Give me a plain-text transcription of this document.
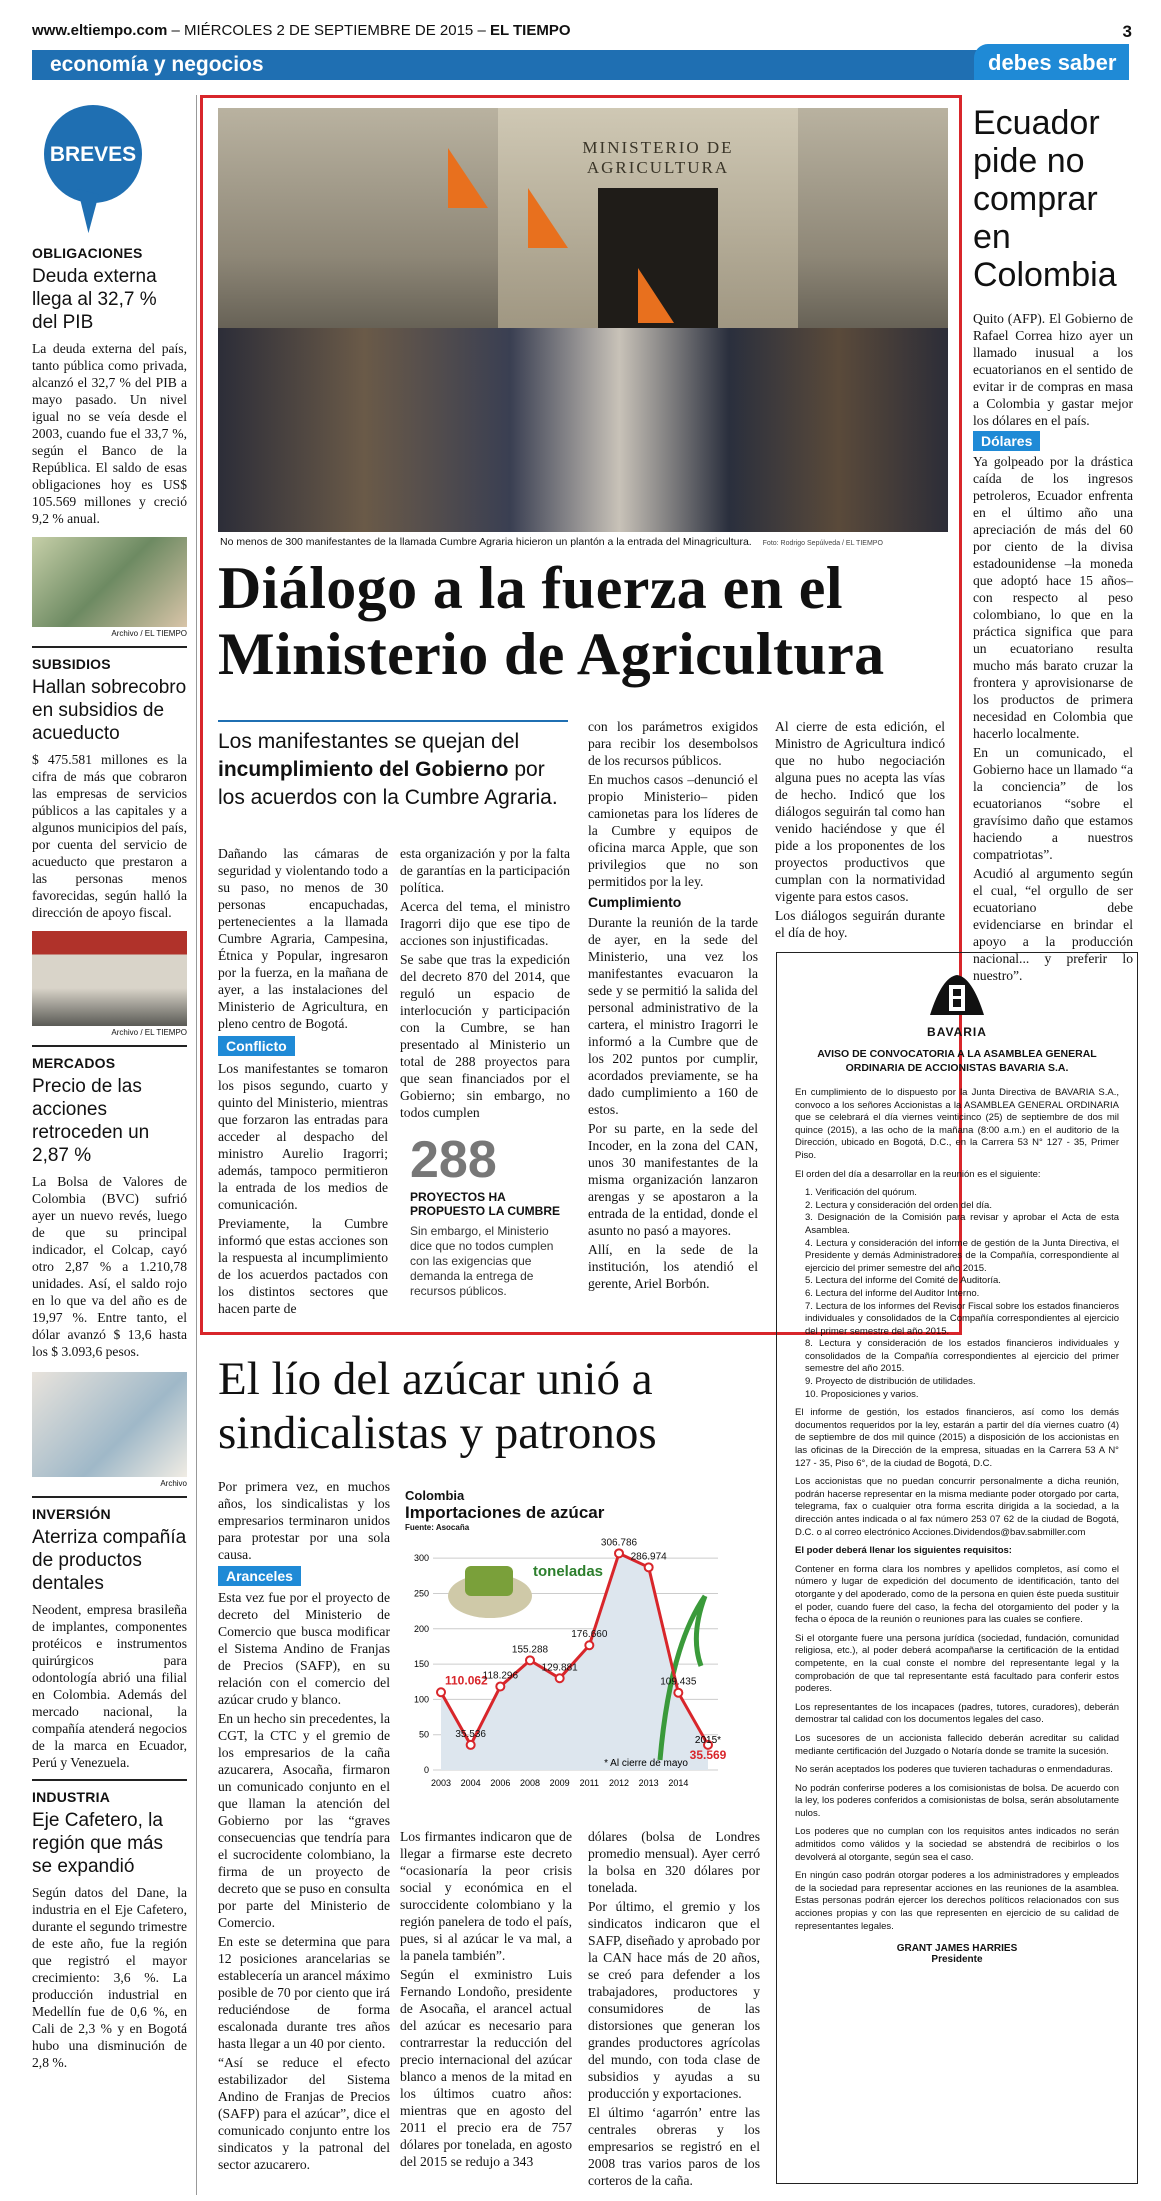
www.eltiempo.com – MIÉRCOLES 2 DE SEPTIEMBRE DE 2015 – EL TIEMPO	3
economía y negocios	debes saber
BREVES
OBLIGACIONES
Deuda externa llega al 32,7 % del PIB

La deuda externa del país, tanto pública como privada, alcanzó el 32,7 % del PIB a mayo pasado. Un nivel igual no se veía desde el 2003, cuando fue el 33,7 %, según el Banco de la República. El saldo de esas obligaciones hoy es US$ 105.569 millones y creció 9,2 % anual.

Archivo / EL TIEMPO
SUBSIDIOS
Hallan sobrecobro en subsidios de acueducto

$ 475.581 millones es la cifra de más que cobraron las empresas de servicios públicos a las capitales y a algunos municipios del país, por cuenta del servicio de acueducto que prestaron a las personas menos favorecidas, según halló la dirección de apoyo fiscal.

Archivo / EL TIEMPO
MERCADOS
Precio de las acciones retroceden un 2,87 %

La Bolsa de Valores de Colombia (BVC) sufrió ayer un nuevo revés, luego de que su principal indicador, el Colcap, cayó otro 2,87 % a 1.210,78 unidades. Así, el saldo rojo en lo que va del año es de 19,97 %. Entre tanto, el dólar avanzó $ 13,6 hasta los $ 3.093,6 pesos.

Archivo
INVERSIÓN
Aterriza compañía de productos dentales

Neodent, empresa brasileña de implantes, componentes protéicos e instrumentos quirúrgicos para odontología abrió una filial en Colombia. Además del mercado nacional, la compañía atenderá negocios de la marca en Ecuador, Perú y Venezuela.

INDUSTRIA
Eje Cafetero, la región que más se expandió

Según datos del Dane, la industria en el Eje Cafetero, durante el segundo trimestre de este año, fue la región que registró el mayor crecimiento: 3,6 %. La producción industrial en Medellín fue de 0,6 %, en Cali de 2,3 % y en Bogotá hubo una disminución de 2,8 %.

MINISTERIO DE AGRICULTURA
No menos de 300 manifestantes de la llamada Cumbre Agraria hicieron un plantón a la entrada del Minagricultura. Foto: Rodrigo Sepúlveda / EL TIEMPO
Diálogo a la fuerza en el
Ministerio de Agricultura
Los manifestantes se quejan del
incumplimiento del Gobierno por los acuerdos con la Cumbre Agraria.

Dañando las cámaras de seguridad y violentando todo a su paso, no menos de 30 personas encapuchadas, pertenecientes a la llamada Cumbre Agraria, Campesina, Étnica y Popular, ingresaron por la fuerza, en la mañana de ayer, a las instalaciones del Ministerio de Agricultura, en pleno centro de Bogotá.

Conflicto

Los manifestantes se tomaron los pisos segundo, cuarto y quinto del Ministerio, mientras que forzaron las entradas para acceder al despacho del ministro Aurelio Iragorri; además, tampoco permitieron la entrada de los medios de comunicación.

Previamente, la Cumbre informó que estas acciones son la respuesta al incumplimiento de los acuerdos pactados con los distintos sectores que hacen parte de

esta organización y por la falta de garantías en la participación política.

Acerca del tema, el ministro Iragorri dijo que ese tipo de acciones son injustificadas.

Se sabe que tras la expedición del decreto 870 del 2014, que reguló un espacio de interlocución y participación con la Cumbre, se han presentado al Ministerio un total de 288 proyectos para que sean financiados por el Gobierno; sin embargo, no todos cumplen

288
PROYECTOS HA PROPUESTO LA CUMBRE
Sin embargo, el Ministerio dice que no todos cumplen con las exigencias que demanda la entrega de recursos públicos.

con los parámetros exigidos para recibir los desembolsos de los recursos públicos.

En muchos casos –denunció el propio Ministerio– piden camionetas para los líderes de la Cumbre y equipos de oficina marca Apple, que son privilegios que no son permitidos por la ley.

Cumplimiento

Durante la reunión de la tarde de ayer, en la sede del Ministerio, una vez los manifestantes evacuaron la sede y se permitió la salida del personal administrativo de la cartera, el ministro Iragorri le informó a la Cumbre que de los 202 puntos por cumplir, acordados previamente, se ha dado cumplimiento a 160 de estos.

Por su parte, en la sede del Incoder, en la zona del CAN, unos 30 manifestantes de la misma organización lanzaron arengas y se apostaron a la entrada de la entidad, donde el asunto no pasó a mayores.

Allí, en la sede de la institución, los atendió el gerente, Ariel Borbón.

Al cierre de esta edición, el Ministro de Agricultura indicó que no hubo negociación alguna pues no acepta las vías de hecho. Indicó que los diálogos seguirán tal como han venido haciéndose y que él pide a los proponentes de los proyectos productivos que cumplan con la normatividad vigente para estos casos.

Los diálogos seguirán durante el día de hoy.

Ecuador pide no comprar en Colombia

Quito (AFP). El Gobierno de Rafael Correa hizo ayer un llamado inusual a los ecuatorianos en el sentido de evitar ir de compras en masa a Colombia y gastar mejor los dólares en el país.

Dólares

Ya golpeado por la drástica caída de los ingresos petroleros, Ecuador enfrenta en el último año una apreciación de más del 60 por ciento de la divisa estadounidense –la moneda que adoptó hace 15 años– con respecto al peso colombiano, lo que en la práctica significa que para un ecuatoriano resulta mucho más barato cruzar la frontera y aprovisionarse de los productos de primera necesidad en Colombia que hacerlo localmente.

En un comunicado, el Gobierno hace un llamado “a la conciencia” de los ecuatorianos “sobre el gravísimo daño que estamos haciendo a nuestros compatriotas”.

Acudió al argumento según el cual, “el orgullo de ser ecuatoriano debe evidenciarse en brindar el apoyo a la producción nacional... y preferir lo nuestro”.

El lío del azúcar unió a
sindicalistas y patronos

Por primera vez, en muchos años, los sindicalistas y los empresarios terminaron unidos para protestar por una sola causa.

Aranceles

Esta vez fue por el proyecto de decreto del Ministerio de Comercio que busca modificar el Sistema Andino de Franjas de Precios (SAFP), en su relación con el comercio del azúcar crudo y blanco.

En un hecho sin precedentes, la CGT, la CTC y el gremio de los empresarios de la caña azucarera, Asocaña, firmaron un comunicado conjunto en el que llaman la atención del Gobierno por las “graves consecuencias que tendría para el sucrocidente colombiano, la firma de un proyecto de decreto que se puso en consulta por parte del Ministerio de Comercio.

En este se determina que para 12 posiciones arancelarias se establecería un arancel máximo posible de 70 por ciento que irá reduciéndose de forma escalonada durante tres años hasta llegar a un 40 por ciento.

“Así se reduce el efecto estabilizador del Sistema Andino de Franjas de Precios (SAFP) para el azúcar”, dice el comunicado conjunto entre los sindicatos y la patronal del sector azucarero.

Colombia
Importaciones de azúcar
Fuente: Asocaña
0
50
100
150
200
250
300
toneladas
110.062
35.536
118.296
155.288
129.881
176.660
306.786
286.974
109.435
35.569
2003 2004 2006 2008 2009 2011 2012 2013 2014
2015*
* Al cierre de mayo

Los firmantes indicaron que de llegar a firmarse este decreto “ocasionaría la peor crisis social y económica en el suroccidente colombiano y la región panelera de todo el país, pues, si al azúcar le va mal, a la panela también”.

Según el exministro Luis Fernando Londoño, presidente de Asocaña, el arancel actual del azúcar es necesario para contrarrestar la reducción del precio internacional del azúcar blanco a menos de la mitad en los últimos cuatro años: mientras que en agosto del 2011 el precio era de 757 dólares por tonelada, en agosto del 2015 se redujo a 343

dólares (bolsa de Londres promedio mensual). Ayer cerró la bolsa en 320 dólares por tonelada.

Por último, el gremio y los sindicatos indicaron que el SAFP, diseñado y aprobado por la CAN hace más de 20 años, se creó para defender a los trabajadores, productores y consumidores de las distorsiones que generan los grandes productores agrícolas del mundo, con toda clase de subsidios y ayudas a su producción y exportaciones.

El último ‘agarrón’ entre las centrales obreras y los empresarios se registró en el 2008 tras varios paros de los corteros de la caña.

BAVARIA
AVISO DE CONVOCATORIA A LA ASAMBLEA GENERAL ORDINARIA DE ACCIONISTAS BAVARIA S.A.

En cumplimiento de lo dispuesto por la Junta Directiva de BAVARIA S.A., convoco a los señores Accionistas a la ASAMBLEA GENERAL ORDINARIA que se celebrará el día viernes veinticinco (25) de septiembre de dos mil quince (2015), a las ocho de la mañana (8:00 a.m.) en el auditorio de la Dirección, ubicado en Bogotá, D.C., en la Carrera 53 N° 127 - 35, Primer Piso.

El orden del día a desarrollar en la reunión es el siguiente:

1. Verificación del quórum.
2. Lectura y consideración del orden del día.
3. Designación de la Comisión para revisar y aprobar el Acta de esta Asamblea.
4. Lectura y consideración del informe de gestión de la Junta Directiva, el Presidente y demás Administradores de la Compañía, correspondiente al ejercicio del primer semestre del año 2015.
5. Lectura del informe del Comité de Auditoría.
6. Lectura del informe del Auditor Interno.
7. Lectura de los informes del Revisor Fiscal sobre los estados financieros individuales y consolidados de la Compañía correspondientes al ejercicio del primer semestre del año 2015.
8. Lectura y consideración de los estados financieros individuales y consolidados de la Compañía correspondientes al ejercicio del primer semestre del año 2015.
9. Proyecto de distribución de utilidades.
10. Proposiciones y varios.

El informe de gestión, los estados financieros, así como los demás documentos requeridos por la ley, estarán a partir del día viernes cuatro (4) de septiembre de dos mil quince (2015) a disposición de los accionistas en las oficinas de la Dirección de la empresa, situadas en la Carrera 53 A N° 127 - 35, Piso 6°, de la ciudad de Bogotá, D.C.

Los accionistas que no puedan concurrir personalmente a dicha reunión, podrán hacerse representar en la misma mediante poder otorgado por carta, telegrama, fax o cualquier otra forma escrita dirigida a la sociedad, a la dirección antes indicada o al fax número 253 07 62 de la ciudad de Bogotá, D.C. o al correo electrónico Acciones.Dividendos@bav.sabmiller.com

El poder deberá llenar los siguientes requisitos:

Contener en forma clara los nombres y apellidos completos, así como el número y lugar de expedición del documento de identificación, tanto del otorgante y del apoderado, como de la persona en quien éste pueda sustituir el poder, cuando fuere del caso, la fecha del otorgamiento del poder y la fecha o época de la reunión o reuniones para las cuales se confiere.

Si el otorgante fuere una persona jurídica (sociedad, fundación, comunidad religiosa, etc.), al poder deberá acompañarse la certificación de la entidad competente, en la cual conste el nombre del representante legal y la comprobación de que tal representante está facultado para conferir estos poderes.

Los representantes de los incapaces (padres, tutores, curadores), deberán demostrar tal calidad con los documentos legales del caso.

Los sucesores de un accionista fallecido deberán acreditar su calidad mediante certificación del Juzgado o Notaría donde se tramite la sucesión.

No serán aceptados los poderes que tuvieren tachaduras o enmendaduras.

No podrán conferirse poderes a los comisionistas de bolsa. De acuerdo con la ley, los poderes conferidos a comisionistas de bolsa, serán absolutamente nulos.

Los poderes que no cumplan con los requisitos antes indicados no serán admitidos como válidos y la sociedad se abstendrá de recibirlos o los devolverá al otorgante, según sea el caso.

En ningún caso podrán otorgar poderes a los administradores y empleados de la sociedad para representar acciones en las reuniones de la asamblea. Estas personas podrán ejercer los derechos políticos relacionados con sus acciones propias y con las que representen en ejercicio de su calidad de representantes legales.

GRANT JAMES HARRIES
Presidente
